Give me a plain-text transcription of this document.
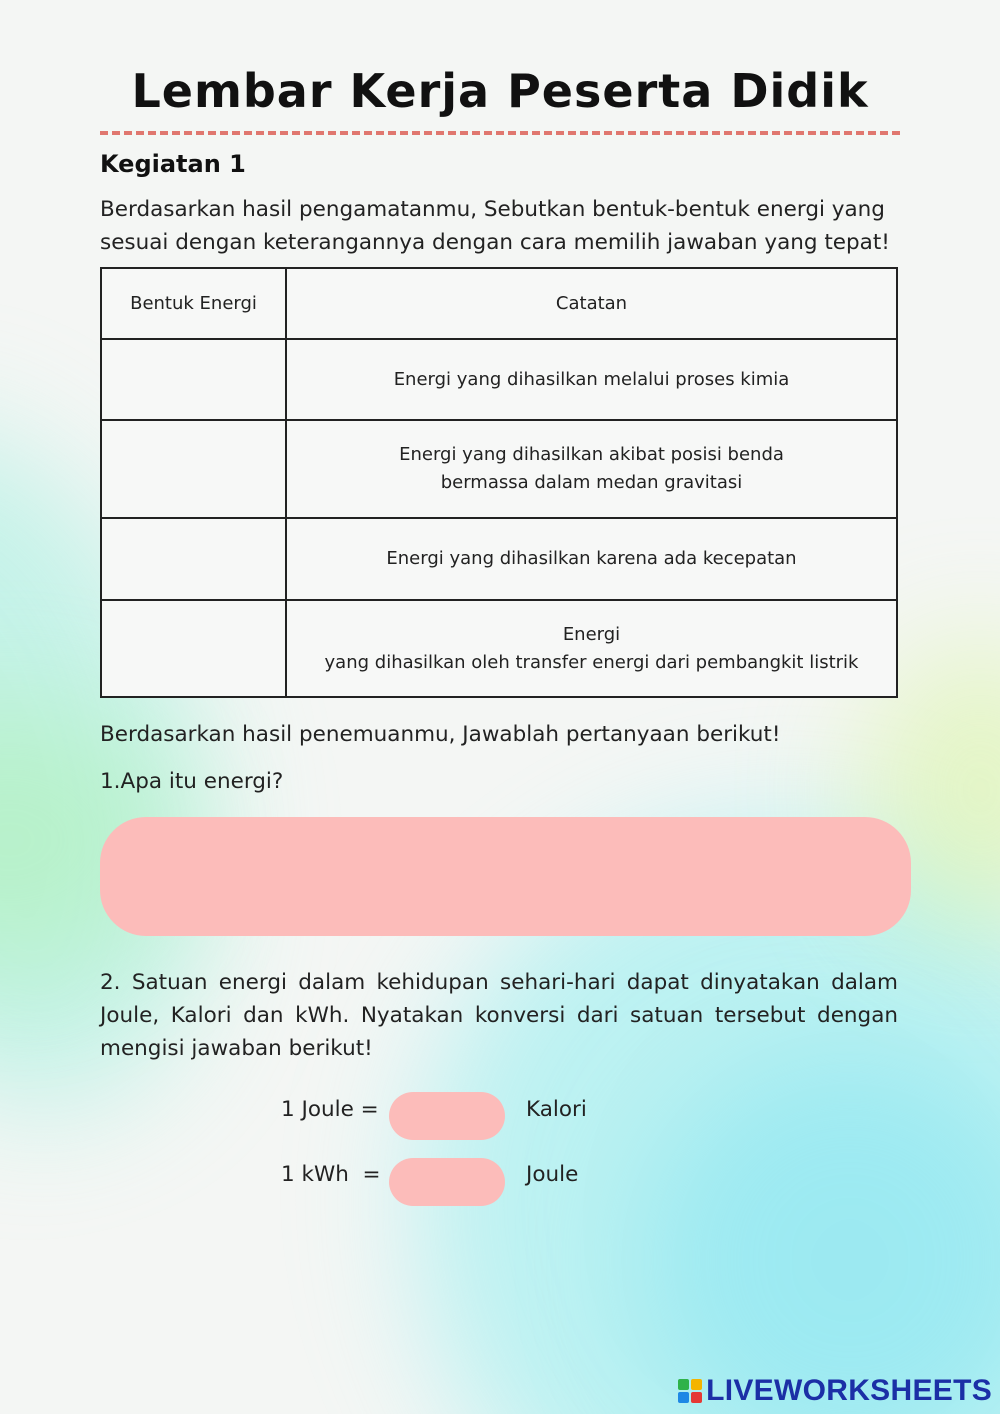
Lembar Kerja Peserta Didik
Kegiatan 1
Berdasarkan hasil pengamatanmu, Sebutkan bentuk-bentuk energi yang sesuai dengan keterangannya dengan cara memilih jawaban yang tepat!
Bentuk Energi	Catatan
	Energi yang dihasilkan melalui proses kimia

	Energi yang dihasilkan akibat posisi benda
bermassa dalam medan gravitasi

	Energi yang dihasilkan karena ada kecepatan

	Energi
yang dihasilkan oleh transfer energi dari pembangkit listrik
Berdasarkan hasil penemuanmu, Jawablah pertanyaan berikut!
1.Apa itu energi?
2. Satuan energi dalam kehidupan sehari-hari dapat dinyatakan dalam Joule, Kalori dan kWh. Nyatakan konversi dari satuan tersebut dengan mengisi jawaban berikut!
1 Joule =	Kalori
1 kWh  =	Joule
LIVEWORKSHEETS
